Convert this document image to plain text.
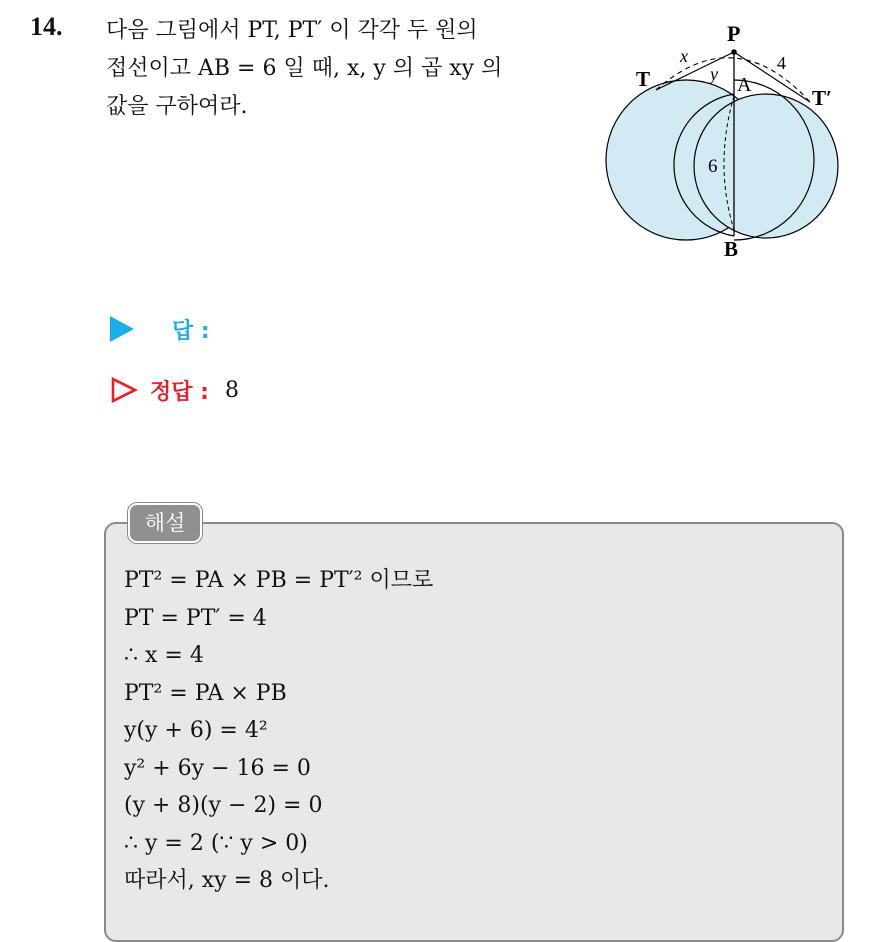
14. 다음 그림에서 PT, PT′ 이 각각 두 원의
접선이고 AB = 6 일 때, x, y 의 곱 xy 의
값을 구하여라.
P
T
T′
A
B
x
y
4
6
답 :
정답 : 8
해설
PT² = PA × PB = PT′² 이므로
PT = PT′ = 4
∴ x = 4
PT² = PA × PB
y(y + 6) = 4²
y² + 6y − 16 = 0
(y + 8)(y − 2) = 0
∴ y = 2 (∵ y > 0)
따라서, xy = 8 이다.
